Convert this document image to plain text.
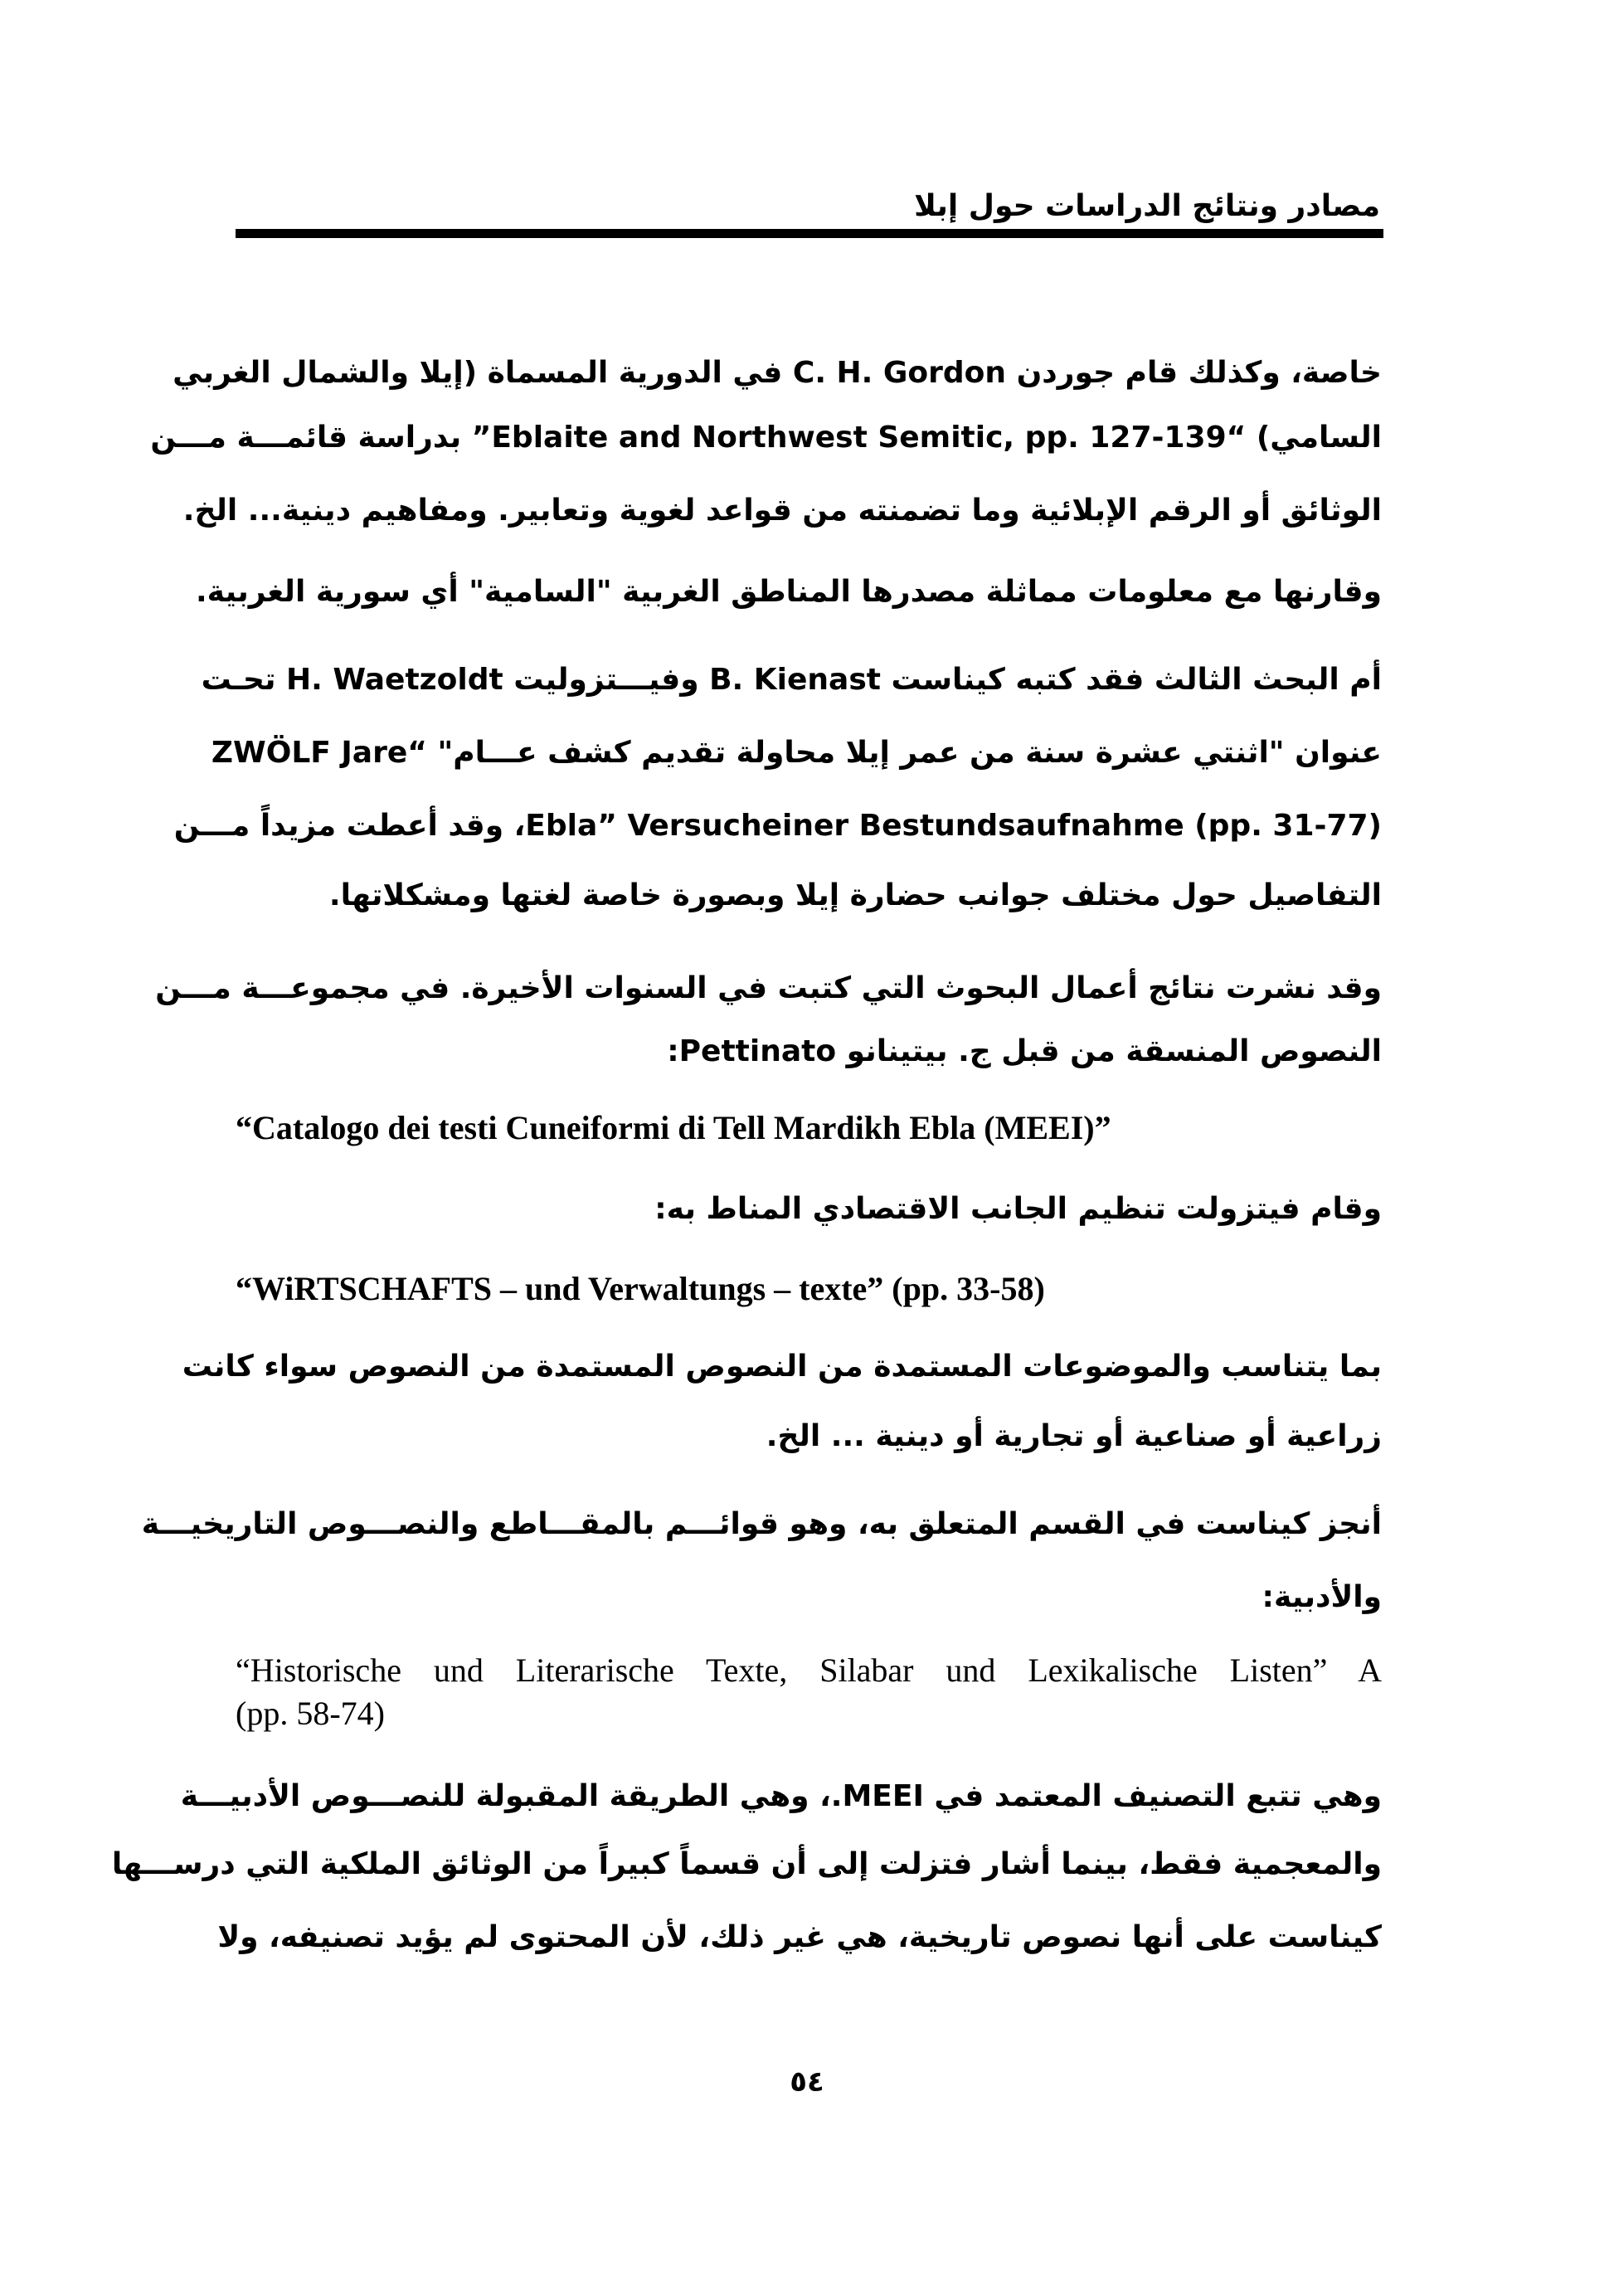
مصادر ونتائج الدراسات حول إبلا
خاصة، وكذلك قام جوردن C. H. Gordon في الدورية المسماة (إيلا والشمال الغربي
السامي) “Eblaite and Northwest Semitic, pp. 127-139” بدراسة قائمـــة مـــن
الوثائق أو الرقم الإبلائية وما تضمنته من قواعد لغوية وتعابير. ومفاهيم دينية... الخ.
وقارنها مع معلومات مماثلة مصدرها المناطق الغربية "السامية" أي سورية الغربية.
أم البحث الثالث فقد كتبه كيناست B. Kienast وفيـــتزوليت H. Waetzoldt تحـت
عنوان "اثنتي عشرة سنة من عمر إيلا محاولة تقديم كشف عـــام" “ZWÖLF Jare
Ebla” Versucheiner Bestundsaufnahme (pp. 31-77)، وقد أعطت مزيداً مـــن
التفاصيل حول مختلف جوانب حضارة إيلا وبصورة خاصة لغتها ومشكلاتها.
وقد نشرت نتائج أعمال البحوث التي كتبت في السنوات الأخيرة. في مجموعـــة مـــن
النصوص المنسقة من قبل ج. بيتينانو Pettinato:
“Catalogo dei testi Cuneiformi di Tell Mardikh Ebla (MEEI)”
وقام فيتزولت تنظيم الجانب الاقتصادي المناط به:
“WiRTSCHAFTS – und Verwaltungs – texte” (pp. 33-58)
بما يتناسب والموضوعات المستمدة من النصوص المستمدة من النصوص سواء كانت
زراعية أو صناعية أو تجارية أو دينية ... الخ.
أنجز كيناست في القسم المتعلق به، وهو قوائـــم بالمقـــاطع والنصـــوص التاريخيـــة
والأدبية:
“Historische und Literarische Texte, Silabar und Lexikalische Listen” A
(pp. 58-74)
وهي تتبع التصنيف المعتمد في MEEI.، وهي الطريقة المقبولة للنصـــوص الأدبيـــة
والمعجمية فقط، بينما أشار فتزلت إلى أن قسماً كبيراً من الوثائق الملكية التي درســـها
كيناست على أنها نصوص تاريخية، هي غير ذلك، لأن المحتوى لم يؤيد تصنيفه، ولا
٥٤
